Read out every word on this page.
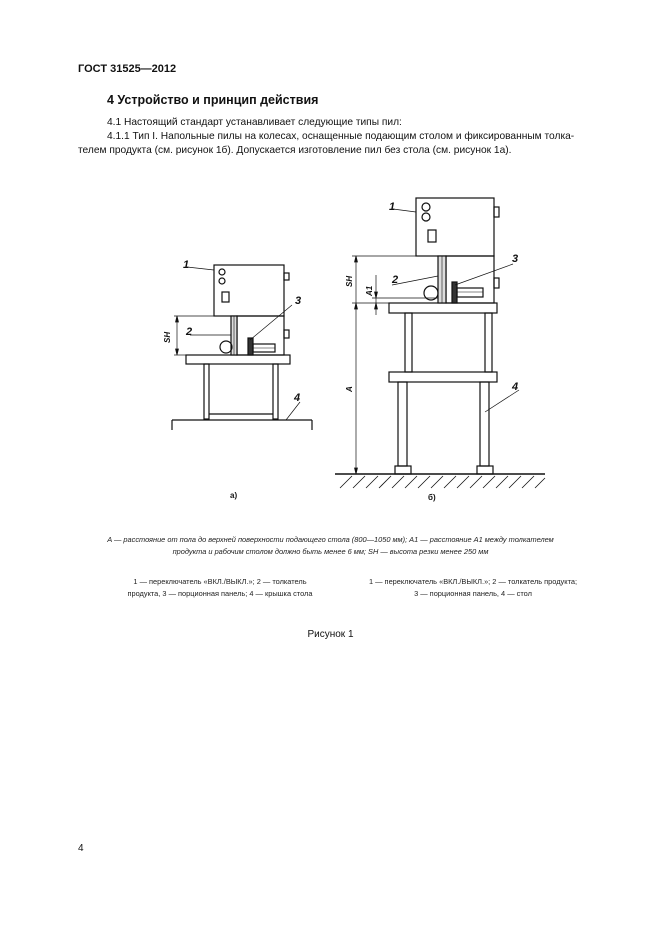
ГОСТ 31525—2012
4 Устройство и принцип действия
4.1 Настоящий стандарт устанавливает следующие типы пил:
4.1.1 Тип I. Напольные пилы на колесах, оснащенные подающим столом и фиксированным толка-
телем продукта (см. рисунок 1б). Допускается изготовление пил без стола (см. рисунок 1а).
1
2
3
4
1
2
3
4
SH
SH
A1
A
а)	б)
A — расстояние от пола до верхней поверхности подающего стола (800—1050 мм); A1 — расстояние A1 между толкателем
продукта и рабочим столом должно быть менее 6 мм; SH — высота резки менее 250 мм
1 — переключатель «ВКЛ./ВЫКЛ.»; 2 — толкатель
продукта, 3 — порционная панель; 4 — крышка стола
1 — переключатель «ВКЛ./ВЫКЛ.»; 2 — толкатель продукта;
3 — порционная панель, 4 — стол
Рисунок 1
4
